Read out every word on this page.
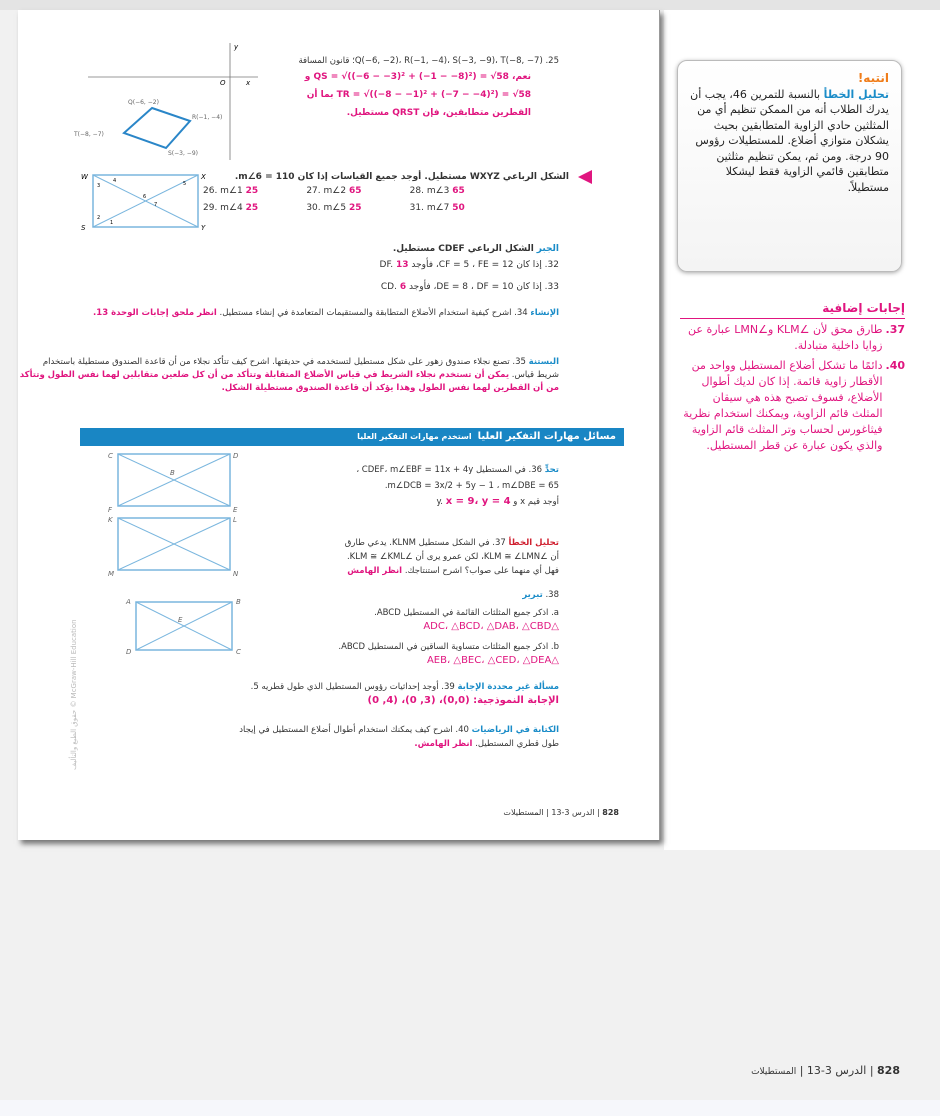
y
x
O
Q(−6, −2)
R(−1, −4)
S(−3, −9)
T(−8, −7)
25. Q(−6, −2)، R(−1, −4)، S(−3, −9)، T(−8, −7)؛ قانون المسافة
نعم، QS = √((−6 − −3)² + (−1 − −8)²) = √58 و
TR = √((−8 − −1)² + (−7 − −4)²) = √58 بما أن
القطرين متطابقين، فإن QRST مستطيل.
W	X
Y
S
1
2
3
4	5
6
7
الشكل الرباعي WXYZ مستطيل. أوجد جميع القياسات إذا كان m∠6 = 110.
26. m∠1 25	27. m∠2 65	28. m∠3 65
29. m∠4 25	30. m∠5 25	31. m∠7 50
الجبر الشكل الرباعي CDEF مستطيل.
32. إذا كان CF = 5 ، FE = 12، فأوجد DF. 13
33. إذا كان DE = 8 ، DF = 10، فأوجد CD. 6
الإنشاء 34. اشرح كيفية استخدام الأضلاع المتطابقة والمستقيمات المتعامدة في إنشاء مستطيل. انظر ملحق إجابات الوحدة 13.
البستنة 35. تصنع نجلاء صندوق زهور على شكل مستطيل لتستخدمه في حديقتها. اشرح كيف تتأكد نجلاء من أن قاعدة الصندوق مستطيلة باستخدام شريط قياس. يمكن أن تستخدم نجلاء الشريط في قياس الأضلاع المتقابلة وتتأكد من أن كل ضلعين متقابلين لهما نفس الطول وتتأكد من أن القطرين لهما نفس الطول وهذا يؤكد أن قاعدة الصندوق مستطيلة الشكل.
مسائل مهارات التفكير العليااستخدم مهارات التفكير العليا
C	D
B
F	E
K	L
M	N
A	B
E
D	C
تحدٍّ 36. في المستطيل CDEF، m∠EBF = 11x + 4y ،
m∠DCB = 3x/2 + 5y − 1 ، m∠DBE = 65.
أوجد قيم x و y. x = 9، y = 4
تحليل الخطأ 37. في الشكل مستطيل KLNM. يدعي طارق
أن ∠KLM ≅ ∠LMN، لكن عمرو يرى أن ∠KLM ≅ ∠KML.
فهل أي منهما على صواب؟ اشرح استنتاجك. انظر الهامش
38. تبرير
a. اذكر جميع المثلثات القائمة في المستطيل ABCD.
△ADC، △BCD، △DAB، △CBD
b. اذكر جميع المثلثات متساوية الساقين في المستطيل ABCD.
△AEB، △BEC، △CED، △DEA
مسألة غير محددة الإجابة 39. أوجد إحداثيات رؤوس المستطيل الذي طول قطريه 5.
الإجابة النموذجية: (0,0)، (3, 0)، (4, 0)
الكتابة في الرياضيات 40. اشرح كيف يمكنك استخدام أطوال أضلاع المستطيل في إيجاد طول قطري المستطيل. انظر الهامش.
828 | الدرس 3-13 | المستطيلات
حقوق الطبع والتأليف © McGraw-Hill Education
انتبه!
تحليل الخطأ بالنسبة للتمرين 46، يجب أن يدرك الطلاب أنه من الممكن تنظيم أي من المثلثين حادي الزاوية المتطابقين بحيث يشكلان متوازي أضلاع. للمستطيلات رؤوس 90 درجة. ومن ثم، يمكن تنظيم مثلثين متطابقين قائمي الزاوية فقط ليشكلا مستطيلاً.
إجابات إضافية
37.
طارق محق لأن ∠KLM و∠LMN عبارة عن زوايا داخلية متبادلة.
40.
دائمًا ما تشكل أضلاع المستطيل وواحد من الأقطار زاوية قائمة. إذا كان لديك أطوال الأضلاع، فسوف تصبح هذه هي سيقان المثلث قائم الزاوية، ويمكنك استخدام نظرية فيثاغورس لحساب وتر المثلث قائم الزاوية والذي يكون عبارة عن قطر المستطيل.
828 | الدرس 3-13 | المستطيلات
